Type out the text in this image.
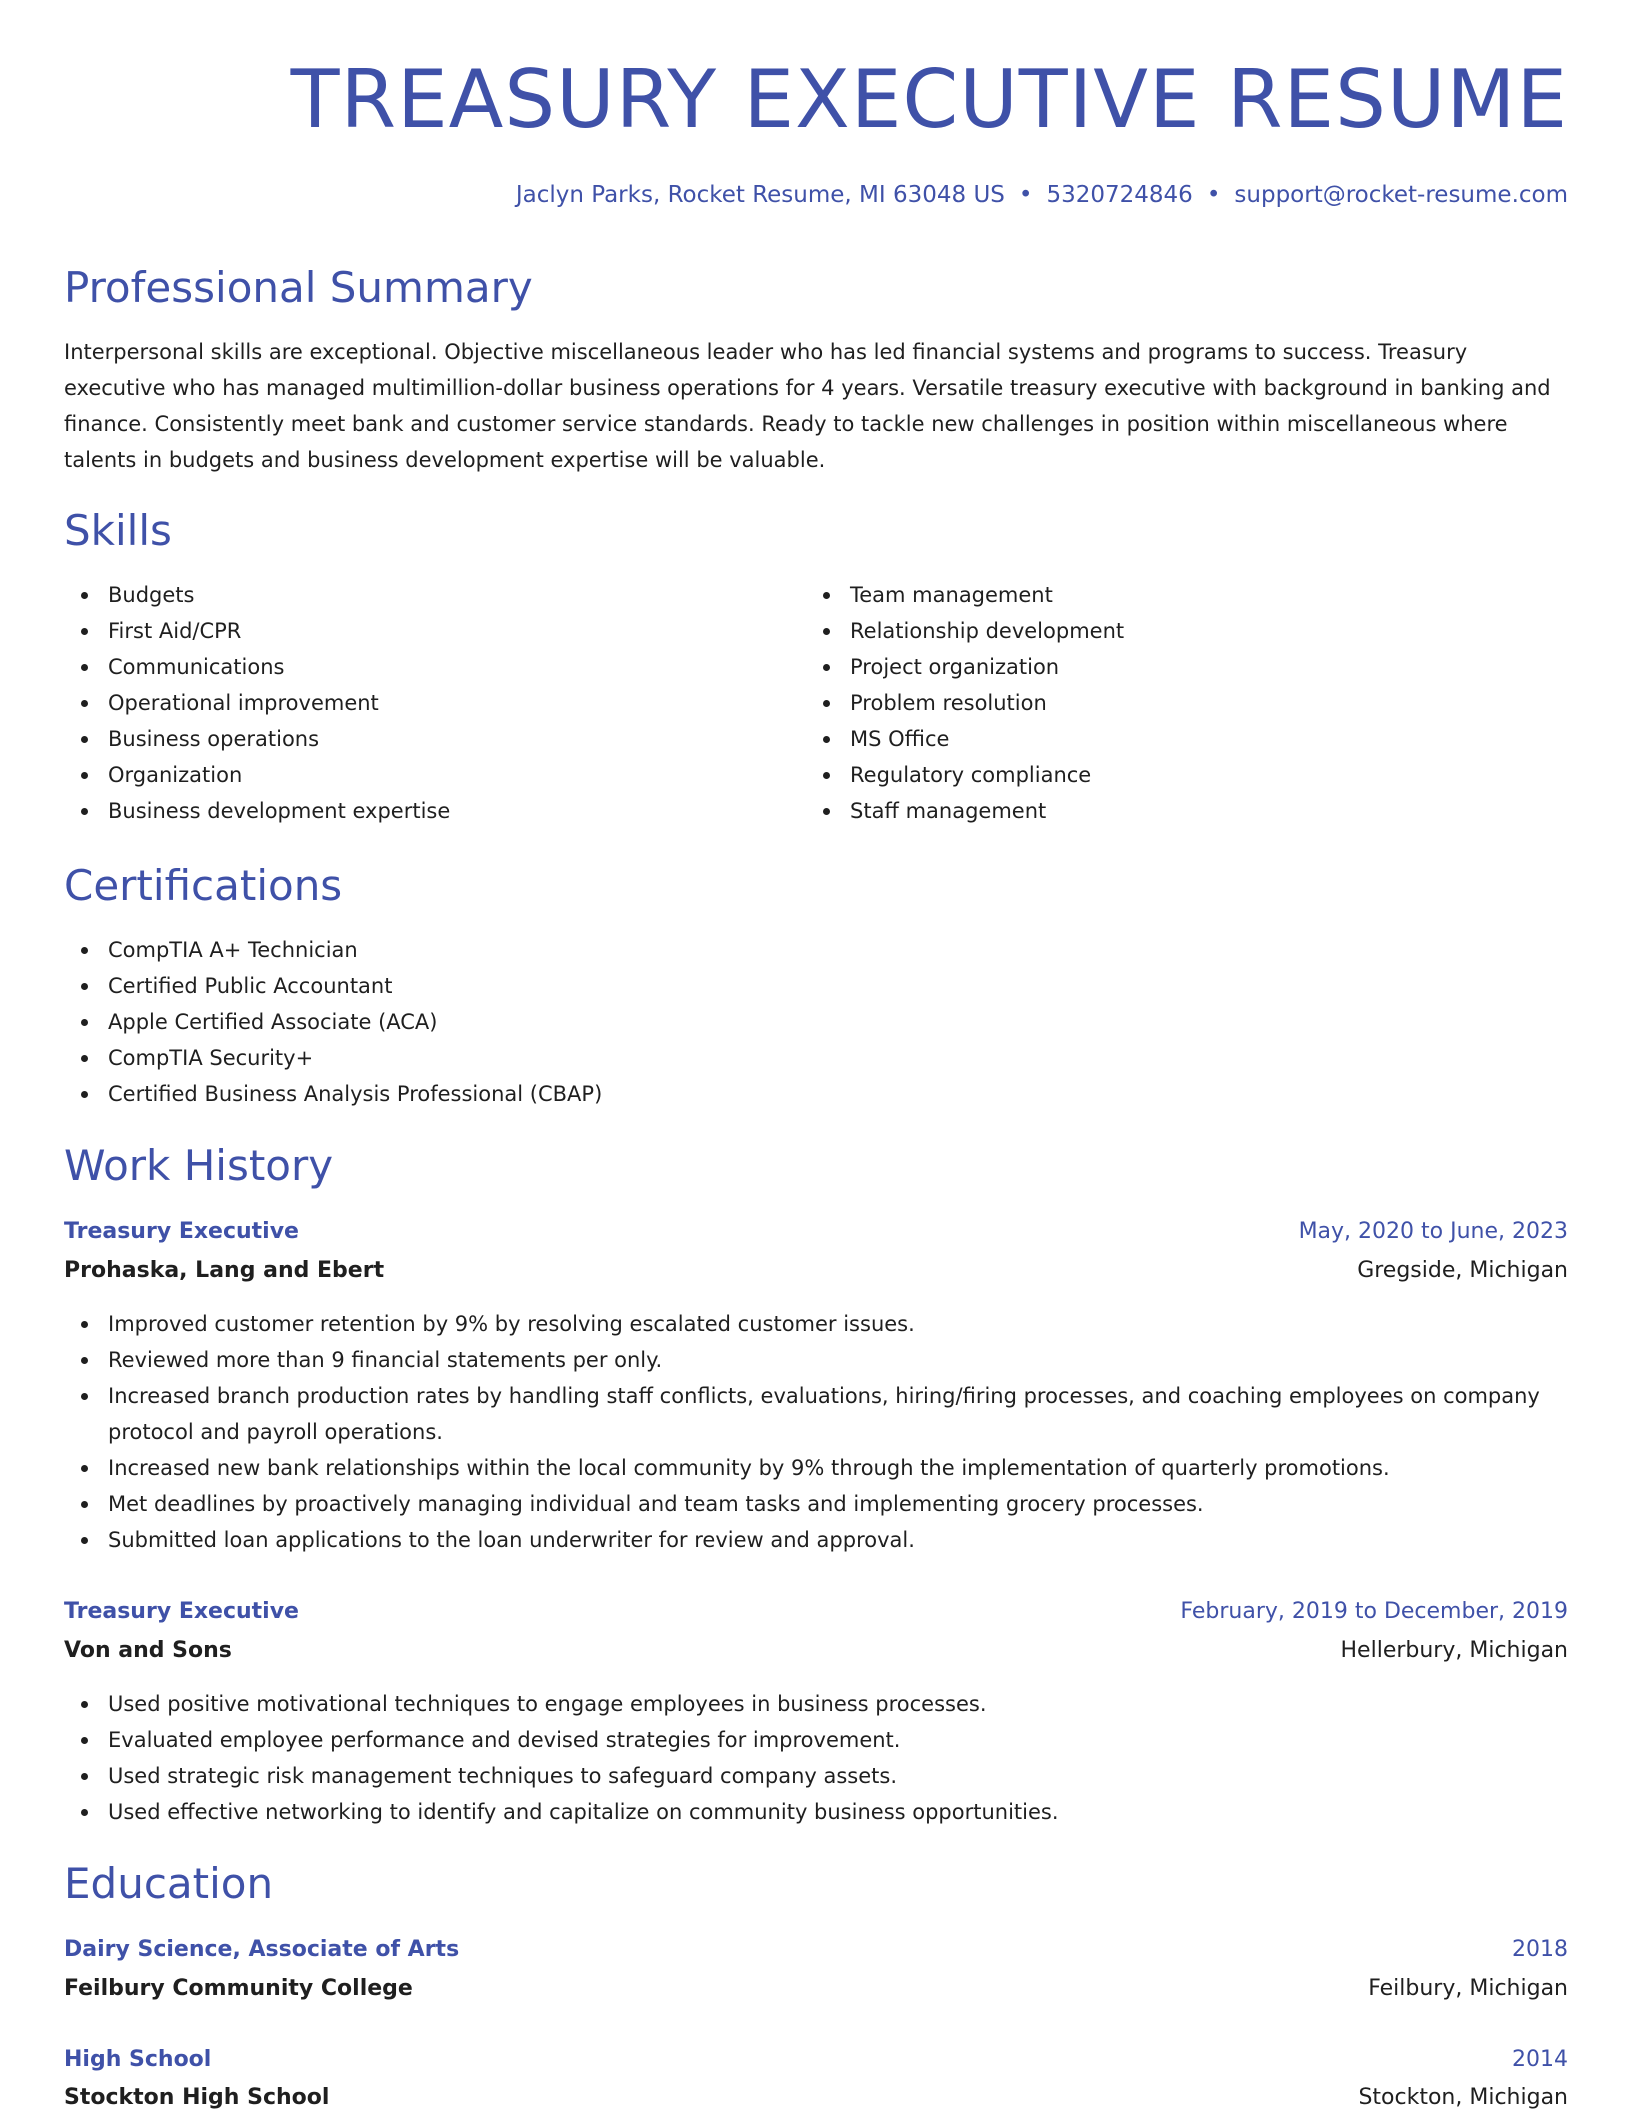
TREASURY EXECUTIVE RESUME
Jaclyn Parks, Rocket Resume, MI 63048 US • 5320724846 • support@rocket-resume.com
Professional Summary

Interpersonal skills are exceptional. Objective miscellaneous leader who has led financial systems and programs to success. Treasury executive who has managed multimillion-dollar business operations for 4 years. Versatile treasury executive with background in banking and finance. Consistently meet bank and customer service standards. Ready to tackle new challenges in position within miscellaneous where talents in budgets and business development expertise will be valuable.

Skills
Budgets
First Aid/CPR
Communications
Operational improvement
Business operations
Organization
Business development expertise
Team management
Relationship development
Project organization
Problem resolution
MS Office
Regulatory compliance
Staff management
Certifications
CompTIA A+ Technician
Certified Public Accountant
Apple Certified Associate (ACA)
CompTIA Security+
Certified Business Analysis Professional (CBAP)
Work History
Treasury Executive	May, 2020 to June, 2023
Prohaska, Lang and Ebert	Gregside, Michigan
Improved customer retention by 9% by resolving escalated customer issues.
Reviewed more than 9 financial statements per only.
Increased branch production rates by handling staff conflicts, evaluations, hiring/firing processes, and coaching employees on company protocol and payroll operations.
Increased new bank relationships within the local community by 9% through the implementation of quarterly promotions.
Met deadlines by proactively managing individual and team tasks and implementing grocery processes.
Submitted loan applications to the loan underwriter for review and approval.
Treasury Executive	February, 2019 to December, 2019
Von and Sons	Hellerbury, Michigan
Used positive motivational techniques to engage employees in business processes.
Evaluated employee performance and devised strategies for improvement.
Used strategic risk management techniques to safeguard company assets.
Used effective networking to identify and capitalize on community business opportunities.
Education
Dairy Science, Associate of Arts	2018
Feilbury Community College	Feilbury, Michigan
High School	2014
Stockton High School	Stockton, Michigan
